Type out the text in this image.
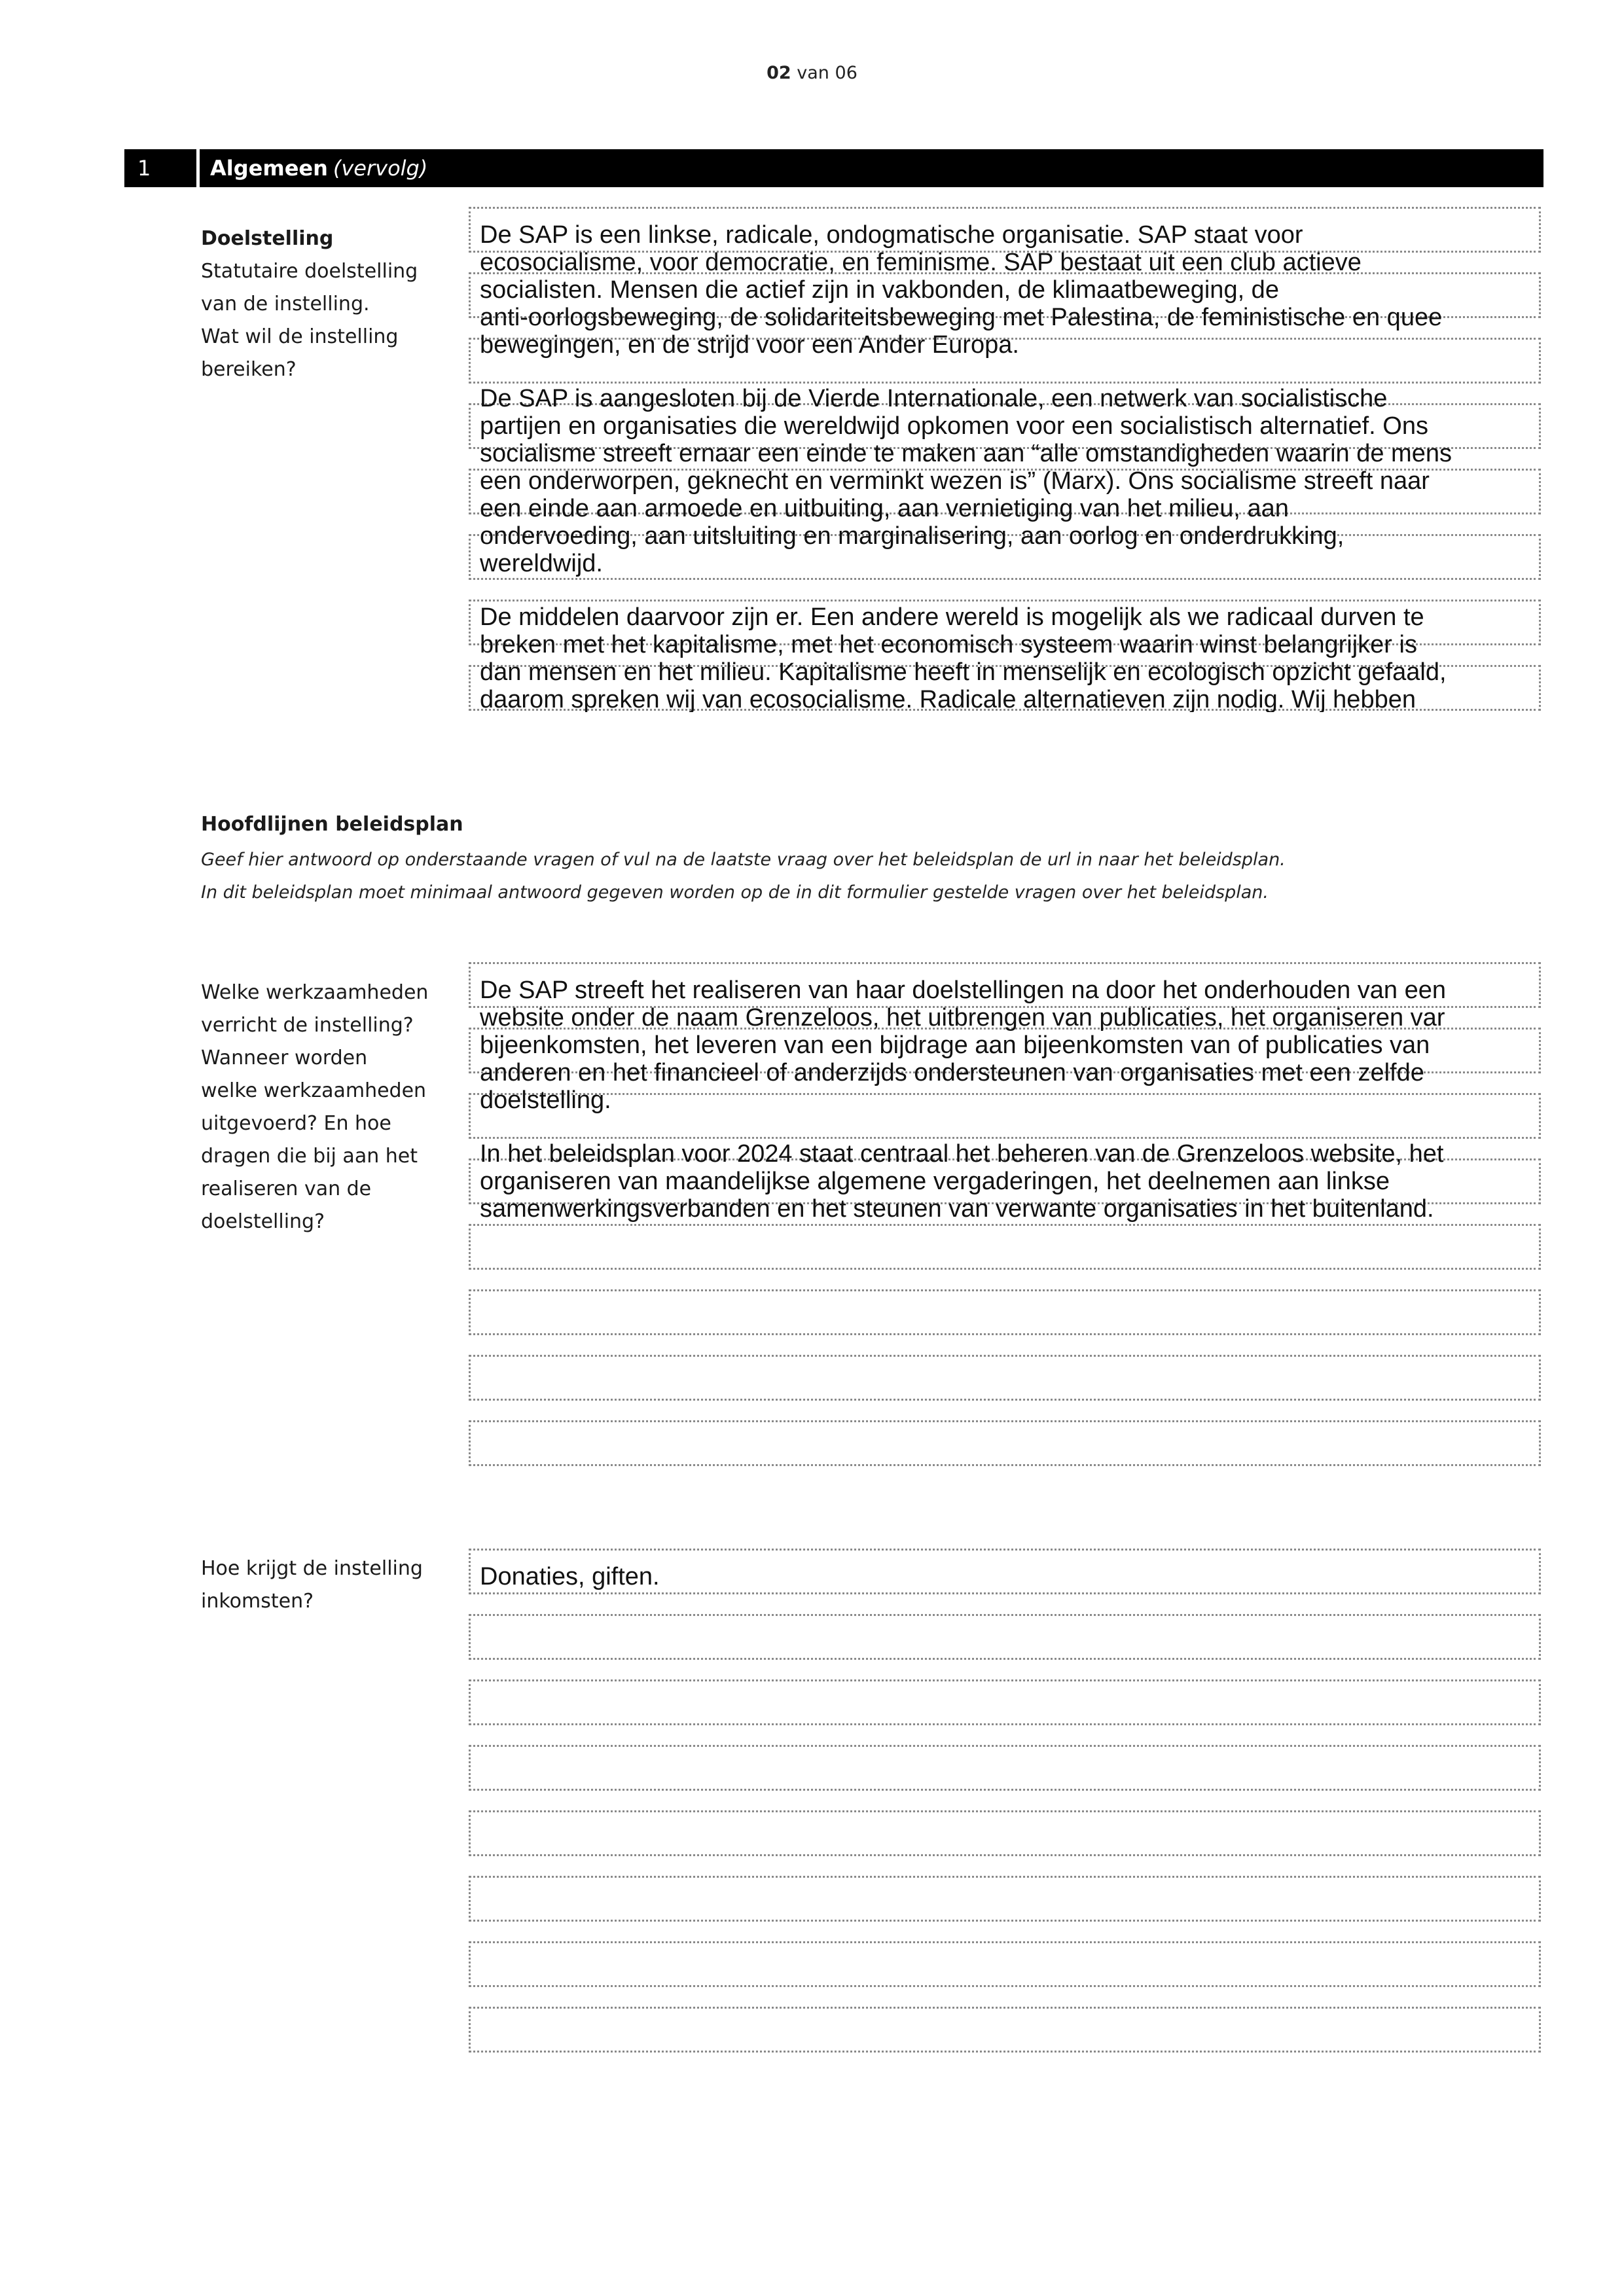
02 van 06
1	Algemeen (vervolg)
Doelstelling
Statutaire doelstelling
van de instelling.
Wat wil de instelling
bereiken?
De SAP is een linkse, radicale, ondogmatische organisatie. SAP staat voor
ecosocialisme, voor democratie, en feminisme. SAP bestaat uit een club actieve
socialisten. Mensen die actief zijn in vakbonden, de klimaatbeweging, de
anti-oorlogsbeweging, de solidariteitsbeweging met Palestina, de feministische en quee
bewegingen, en de strijd voor een Ander Europa.
De SAP is aangesloten bij de Vierde Internationale, een netwerk van socialistische
partijen en organisaties die wereldwijd opkomen voor een socialistisch alternatief. Ons
socialisme streeft ernaar een einde te maken aan “alle omstandigheden waarin de mens
een onderworpen, geknecht en verminkt wezen is” (Marx). Ons socialisme streeft naar
een einde aan armoede en uitbuiting, aan vernietiging van het milieu, aan
ondervoeding, aan uitsluiting en marginalisering, aan oorlog en onderdrukking,
wereldwijd.
De middelen daarvoor zijn er. Een andere wereld is mogelijk als we radicaal durven te
breken met het kapitalisme, met het economisch systeem waarin winst belangrijker is
dan mensen en het milieu. Kapitalisme heeft in menselijk en ecologisch opzicht gefaald,
daarom spreken wij van ecosocialisme. Radicale alternatieven zijn nodig. Wij hebben
Hoofdlijnen beleidsplan
Geef hier antwoord op onderstaande vragen of vul na de laatste vraag over het beleidsplan de url in naar het beleidsplan.
In dit beleidsplan moet minimaal antwoord gegeven worden op de in dit formulier gestelde vragen over het beleidsplan.
Welke werkzaamheden
verricht de instelling?
Wanneer worden
welke werkzaamheden
uitgevoerd? En hoe
dragen die bij aan het
realiseren van de
doelstelling?
De SAP streeft het realiseren van haar doelstellingen na door het onderhouden van een
website onder de naam Grenzeloos, het uitbrengen van publicaties, het organiseren var
bijeenkomsten, het leveren van een bijdrage aan bijeenkomsten van of publicaties van
anderen en het financieel of anderzijds ondersteunen van organisaties met een zelfde
doelstelling.
In het beleidsplan voor 2024 staat centraal het beheren van de Grenzeloos website, het
organiseren van maandelijkse algemene vergaderingen, het deelnemen aan linkse
samenwerkingsverbanden en het steunen van verwante organisaties in het buitenland.
Hoe krijgt de instelling
inkomsten?
Donaties, giften.
